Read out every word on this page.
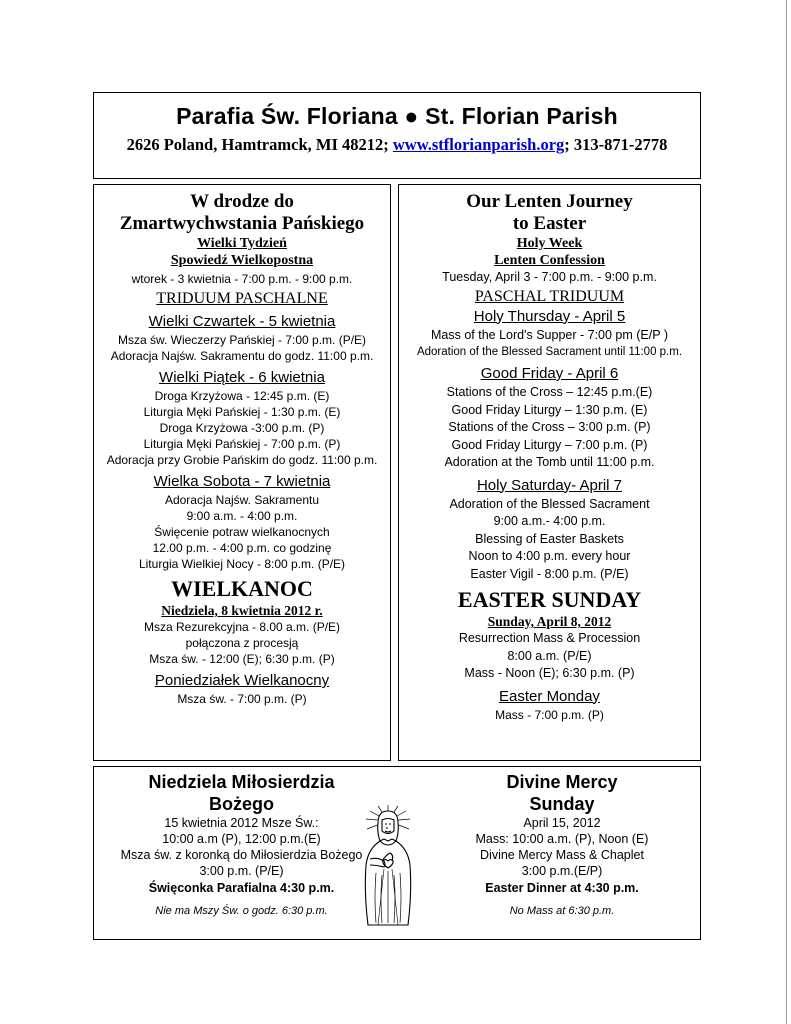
Parafia Św. Floriana ● St. Florian Parish
2626 Poland, Hamtramck, MI 48212; www.stflorianparish.org; 313-871-2778
W drodze do
Zmartwychwstania Pańskiego
Wielki Tydzień
Spowiedź Wielkopostna
wtorek - 3 kwietnia - 7:00 p.m. - 9:00 p.m.
TRIDUUM PASCHALNE
Wielki Czwartek - 5 kwietnia
Msza św. Wieczerzy Pańskiej - 7:00 p.m. (P/E)
Adoracja Najśw. Sakramentu do godz. 11:00 p.m.
Wielki Piątek - 6 kwietnia
Droga Krzyżowa - 12:45 p.m. (E)
Liturgia Męki Pańskiej - 1:30 p.m. (E)
Droga Krzyżowa -3:00 p.m. (P)
Liturgia Męki Pańskiej - 7:00 p.m. (P)
Adoracja przy Grobie Pańskim do godz. 11:00 p.m.
Wielka Sobota - 7 kwietnia
Adoracja Najśw. Sakramentu
9:00 a.m. - 4:00 p.m.
Święcenie potraw wielkanocnych
12.00 p.m. - 4:00 p.m. co godzinę
Liturgia Wielkiej Nocy - 8:00 p.m. (P/E)
WIELKANOC
Niedziela, 8 kwietnia 2012 r.
Msza Rezurekcyjna - 8.00 a.m. (P/E)
połączona z procesją
Msza św. - 12:00 (E); 6:30 p.m. (P)
Poniedziałek Wielkanocny
Msza św. - 7:00 p.m. (P)
Our Lenten Journey
to Easter
Holy Week
Lenten Confession
Tuesday, April 3 - 7:00 p.m. - 9:00 p.m.
PASCHAL TRIDUUM
Holy Thursday - April 5
Mass of the Lord's Supper - 7:00 pm (E/P )
Adoration of the Blessed Sacrament until 11:00 p.m.
Good Friday - April 6
Stations of the Cross – 12:45 p.m.(E)
Good Friday Liturgy – 1:30 p.m. (E)
Stations of the Cross – 3:00 p.m. (P)
Good Friday Liturgy – 7:00 p.m. (P)
Adoration at the Tomb until 11:00 p.m.
Holy Saturday- April 7
Adoration of the Blessed Sacrament
9:00 a.m.- 4:00 p.m.
Blessing of Easter Baskets
Noon to 4:00 p.m. every hour
Easter Vigil - 8:00 p.m. (P/E)
EASTER SUNDAY
Sunday, April 8, 2012
Resurrection Mass & Procession
8:00 a.m. (P/E)
Mass - Noon (E); 6:30 p.m. (P)
Easter Monday
Mass - 7:00 p.m. (P)
Niedziela Miłosierdzia
Bożego
15 kwietnia 2012 Msze Św.:
10:00 a.m (P), 12:00 p.m.(E)
Msza św. z koronką do Miłosierdzia Bożego
3:00 p.m. (P/E)
Święconka Parafialna 4:30 p.m.
Nie ma Mszy Św. o godz. 6:30 p.m.
Divine Mercy
Sunday
April 15, 2012
Mass: 10:00 a.m. (P), Noon (E)
Divine Mercy Mass & Chaplet
3:00 p.m.(E/P)
Easter Dinner at 4:30 p.m.
No Mass at 6:30 p.m.
